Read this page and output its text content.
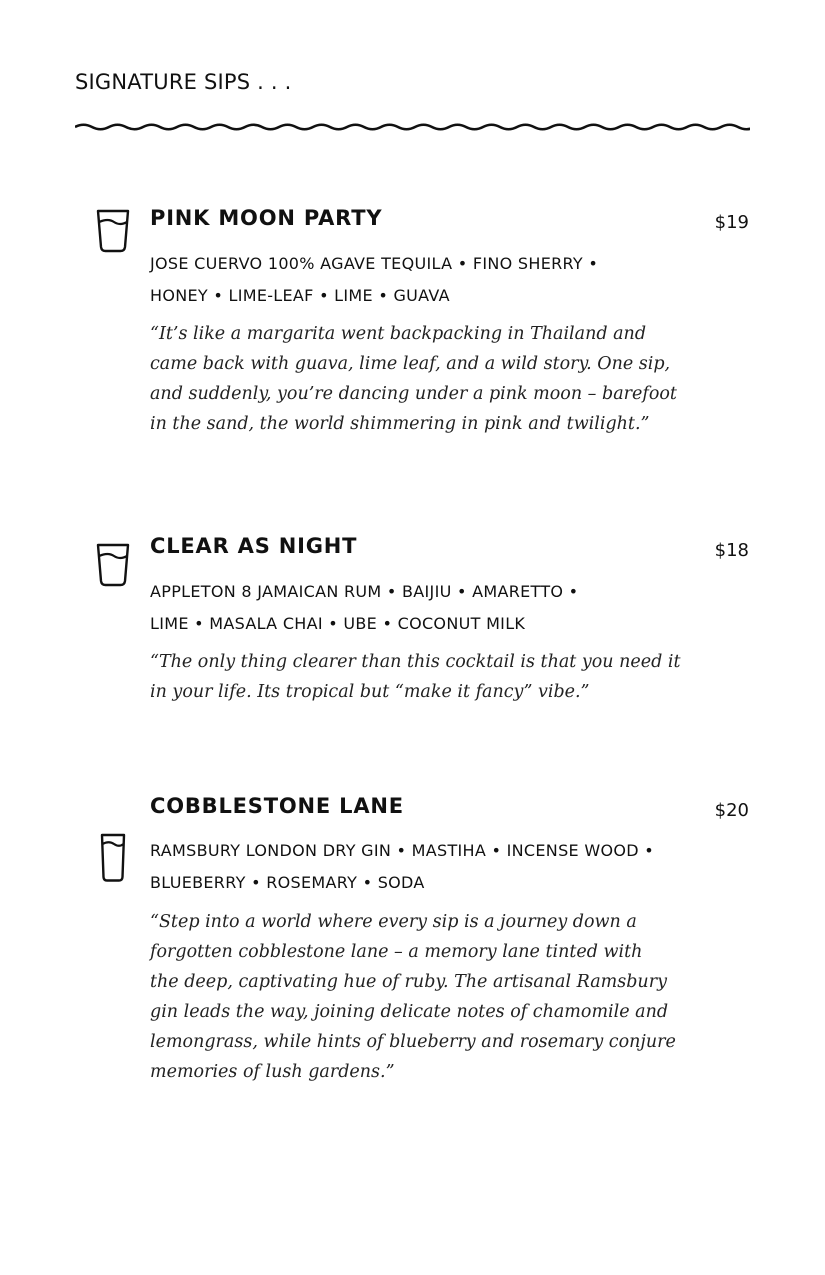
SIGNATURE SIPS . . .
PINK MOON PARTY	$19
JOSE CUERVO 100% AGAVE TEQUILA • FINO SHERRY •
HONEY • LIME-LEAF • LIME • GUAVA
“It’s like a margarita went backpacking in Thailand and
came back with guava, lime leaf, and a wild story. One sip,
and suddenly, you’re dancing under a pink moon – barefoot
in the sand, the world shimmering in pink and twilight.”
CLEAR AS NIGHT	$18
APPLETON 8 JAMAICAN RUM • BAIJIU • AMARETTO •
LIME • MASALA CHAI • UBE • COCONUT MILK
“The only thing clearer than this cocktail is that you need it
in your life. Its tropical but “make it fancy” vibe.”
COBBLESTONE LANE	$20
RAMSBURY LONDON DRY GIN • MASTIHA • INCENSE WOOD •
BLUEBERRY • ROSEMARY • SODA
“Step into a world where every sip is a journey down a
forgotten cobblestone lane – a memory lane tinted with
the deep, captivating hue of ruby. The artisanal Ramsbury
gin leads the way, joining delicate notes of chamomile and
lemongrass, while hints of blueberry and rosemary conjure
memories of lush gardens.”
